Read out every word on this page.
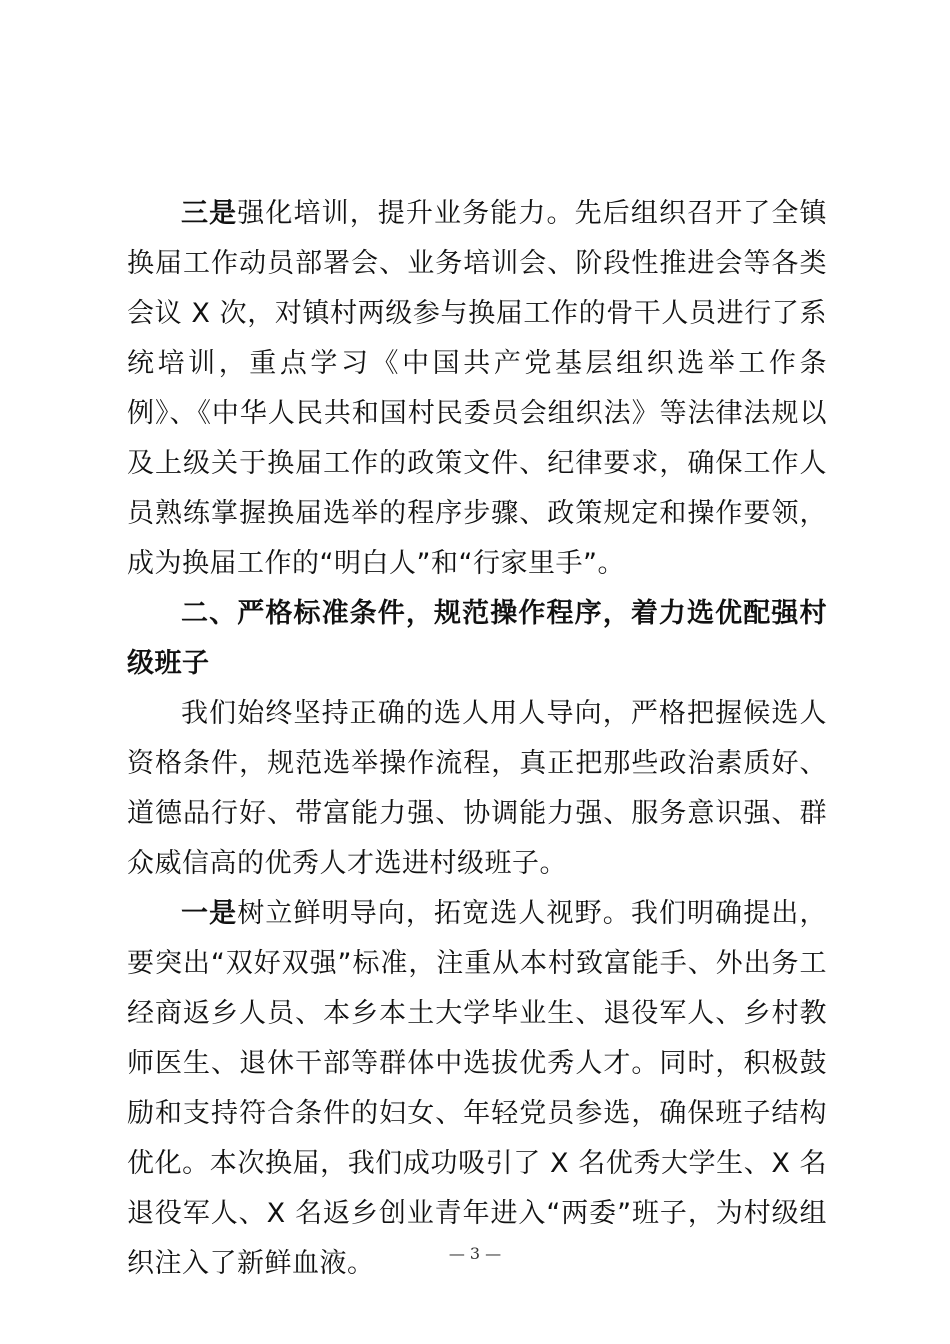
三是强化培训，提升业务能力。先后组织召开了全镇换届工作动员部署会、业务培训会、阶段性推进会等各类会议 X 次，对镇村两级参与换届工作的骨干人员进行了系统培训，重点学习《中国共产党基层组织选举工作条例》、《中华人民共和国村民委员会组织法》等法律法规以及上级关于换届工作的政策文件、纪律要求，确保工作人员熟练掌握换届选举的程序步骤、政策规定和操作要领，成为换届工作的“明白人”和“行家里手”。

二、严格标准条件，规范操作程序，着力选优配强村级班子

我们始终坚持正确的选人用人导向，严格把握候选人资格条件，规范选举操作流程，真正把那些政治素质好、道德品行好、带富能力强、协调能力强、服务意识强、群众威信高的优秀人才选进村级班子。

一是树立鲜明导向，拓宽选人视野。我们明确提出，要突出“双好双强”标准，注重从本村致富能手、外出务工经商返乡人员、本乡本土大学毕业生、退役军人、乡村教师医生、退休干部等群体中选拔优秀人才。同时，积极鼓励和支持符合条件的妇女、年轻党员参选，确保班子结构优化。本次换届，我们成功吸引了 X 名优秀大学生、X 名退役军人、X 名返乡创业青年进入“两委”班子，为村级组织注入了新鲜血液。	— 3 —
